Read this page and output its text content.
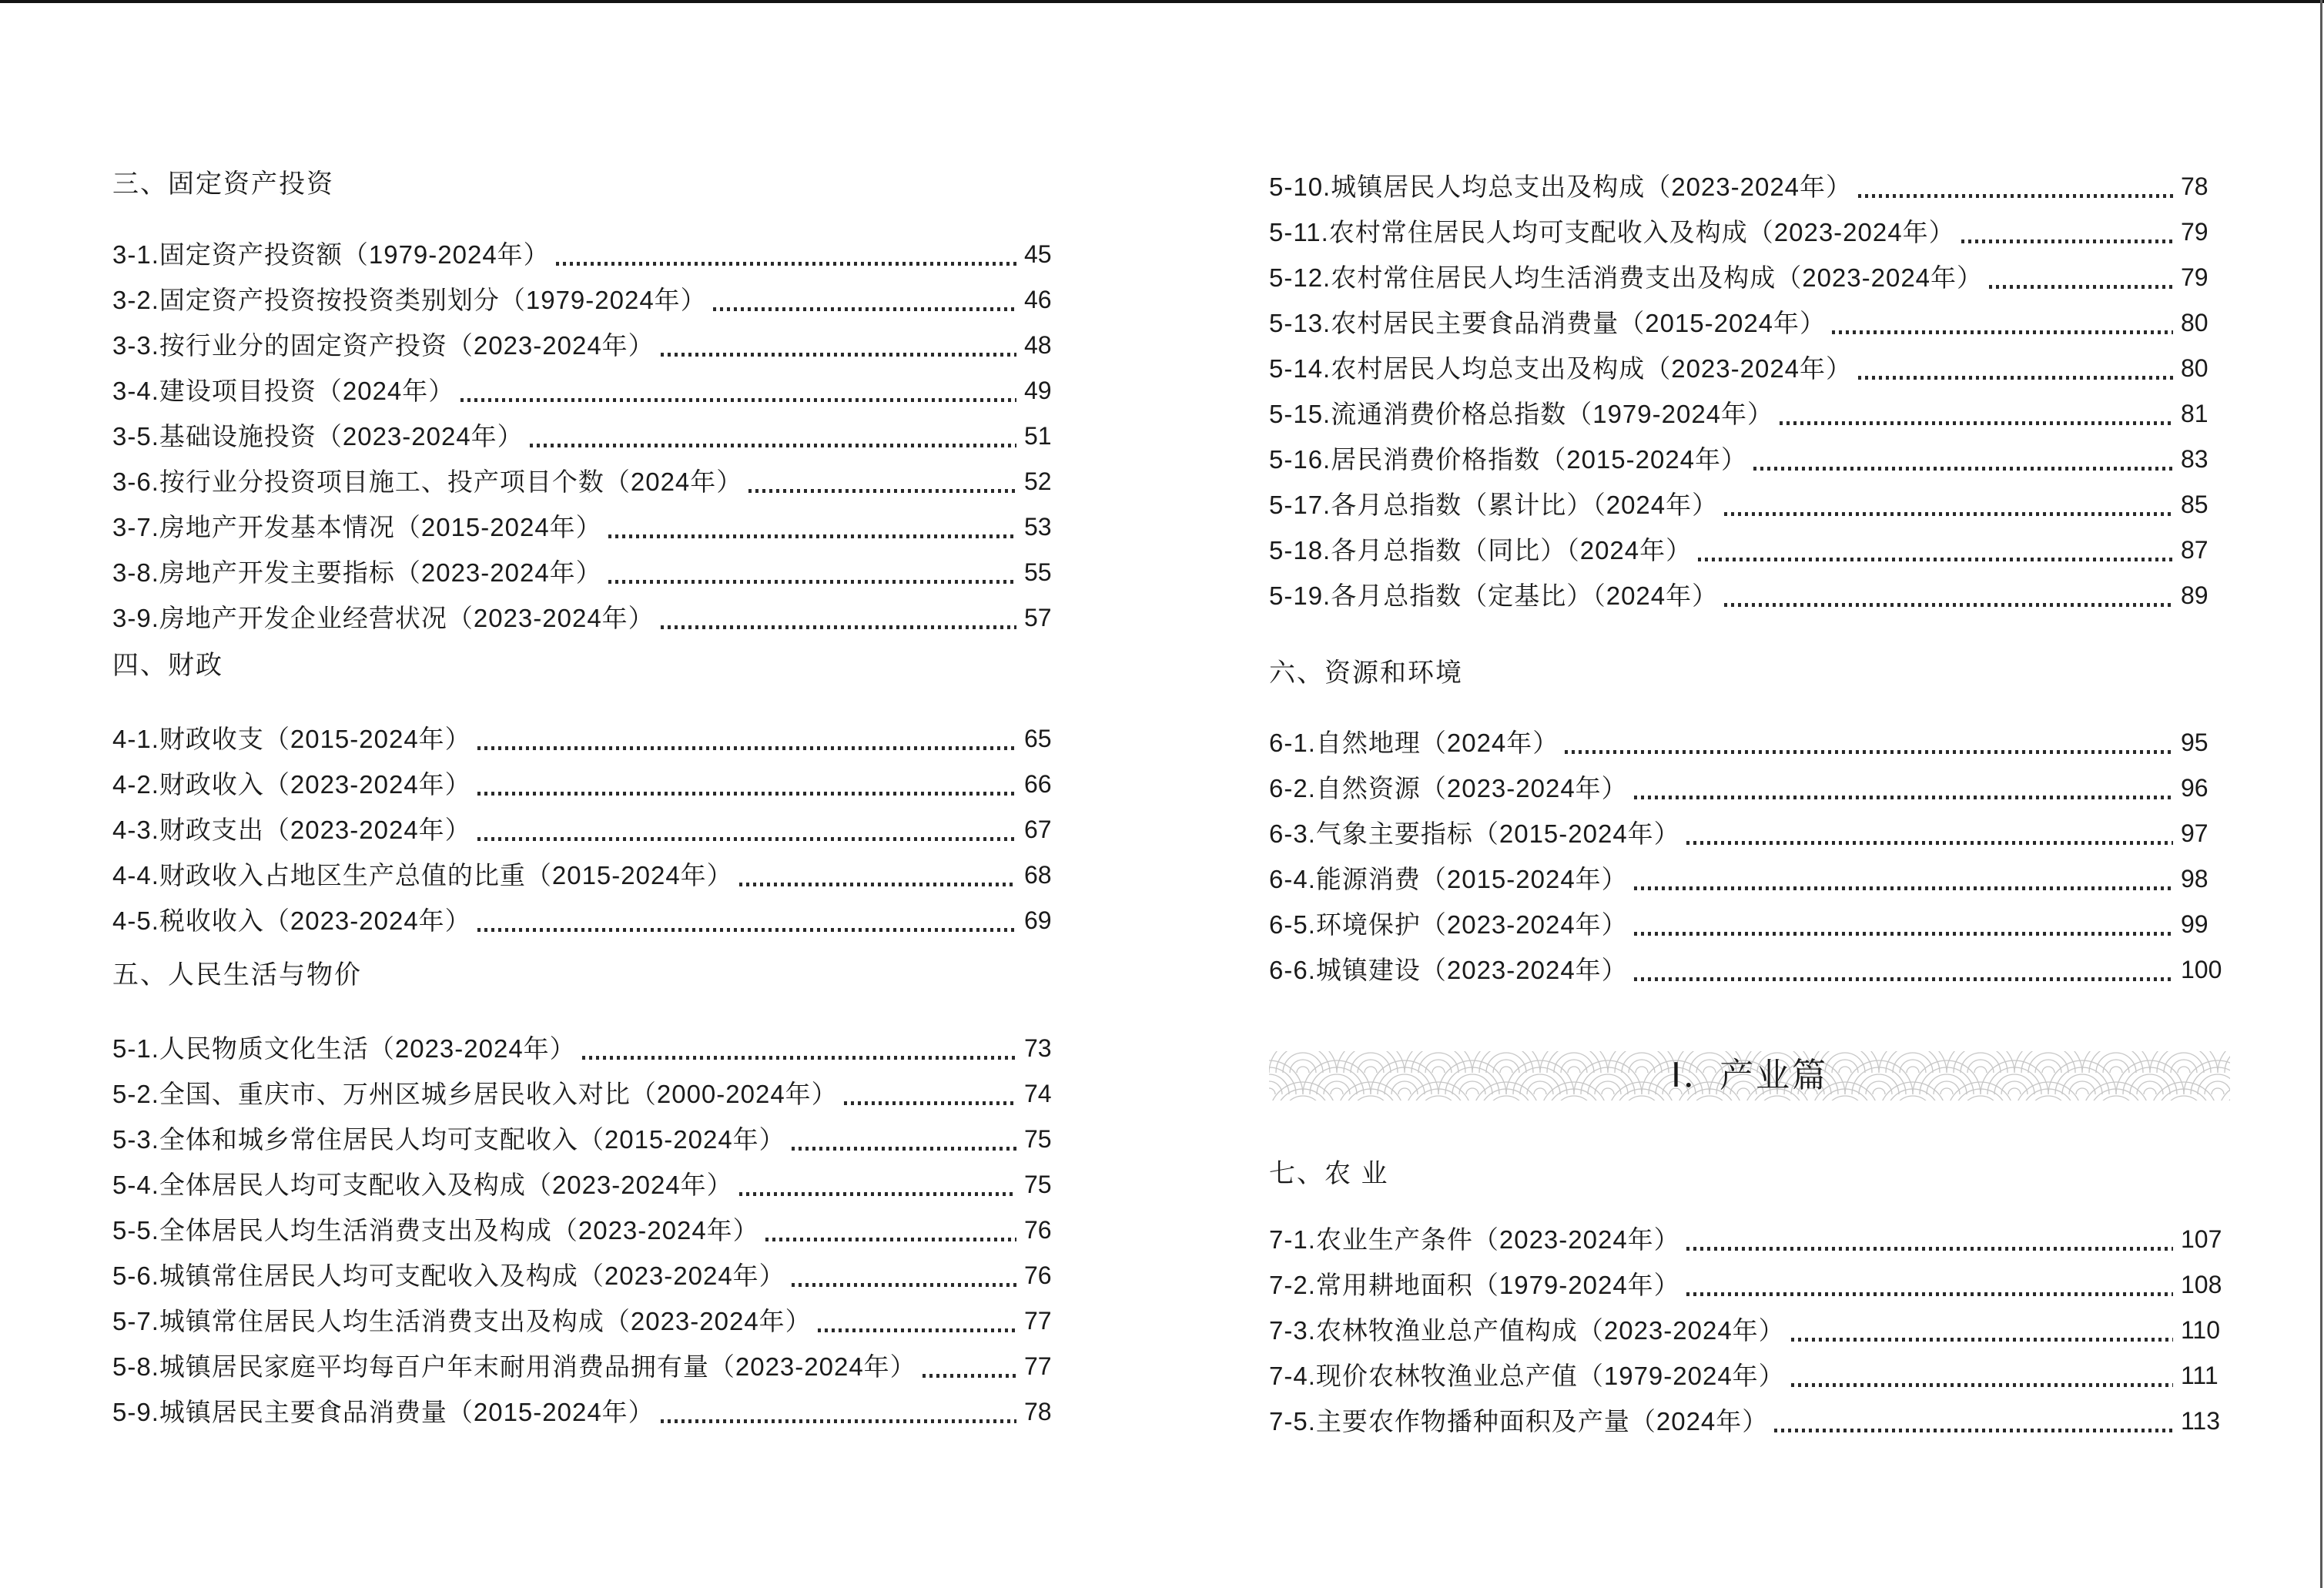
三、固定资产投资
3-1.固定资产投资额（1979-2024年）	45
3-2.固定资产投资按投资类别划分（1979-2024年）	46
3-3.按行业分的固定资产投资（2023-2024年）	48
3-4.建设项目投资（2024年）	49
3-5.基础设施投资（2023-2024年）	51
3-6.按行业分投资项目施工、投产项目个数（2024年）	52
3-7.房地产开发基本情况（2015-2024年）	53
3-8.房地产开发主要指标（2023-2024年）	55
3-9.房地产开发企业经营状况（2023-2024年）	57
四、财政
4-1.财政收支（2015-2024年）	65
4-2.财政收入（2023-2024年）	66
4-3.财政支出（2023-2024年）	67
4-4.财政收入占地区生产总值的比重（2015-2024年）	68
4-5.税收收入（2023-2024年）	69
五、人民生活与物价
5-1.人民物质文化生活（2023-2024年）	73
5-2.全国、重庆市、万州区城乡居民收入对比（2000-2024年）	74
5-3.全体和城乡常住居民人均可支配收入（2015-2024年）	75
5-4.全体居民人均可支配收入及构成（2023-2024年）	75
5-5.全体居民人均生活消费支出及构成（2023-2024年）	76
5-6.城镇常住居民人均可支配收入及构成（2023-2024年）	76
5-7.城镇常住居民人均生活消费支出及构成（2023-2024年）	77
5-8.城镇居民家庭平均每百户年末耐用消费品拥有量（2023-2024年）	77
5-9.城镇居民主要食品消费量（2015-2024年）	78
5-10.城镇居民人均总支出及构成（2023-2024年）	78
5-11.农村常住居民人均可支配收入及构成（2023-2024年）	79
5-12.农村常住居民人均生活消费支出及构成（2023-2024年）	79
5-13.农村居民主要食品消费量（2015-2024年）	80
5-14.农村居民人均总支出及构成（2023-2024年）	80
5-15.流通消费价格总指数（1979-2024年）	81
5-16.居民消费价格指数（2015-2024年）	83
5-17.各月总指数（累计比）（2024年）	85
5-18.各月总指数（同比）（2024年）	87
5-19.各月总指数（定基比）（2024年）	89
六、资源和环境
6-1.自然地理（2024年）	95
6-2.自然资源（2023-2024年）	96
6-3.气象主要指标（2015-2024年）	97
6-4.能源消费（2015-2024年）	98
6-5.环境保护（2023-2024年）	99
6-6.城镇建设（2023-2024年）	100
Ⅰ．产业篇
七、农 业
7-1.农业生产条件（2023-2024年）	107
7-2.常用耕地面积（1979-2024年）	108
7-3.农林牧渔业总产值构成（2023-2024年）	110
7-4.现价农林牧渔业总产值（1979-2024年）	111
7-5.主要农作物播种面积及产量（2024年）	113
